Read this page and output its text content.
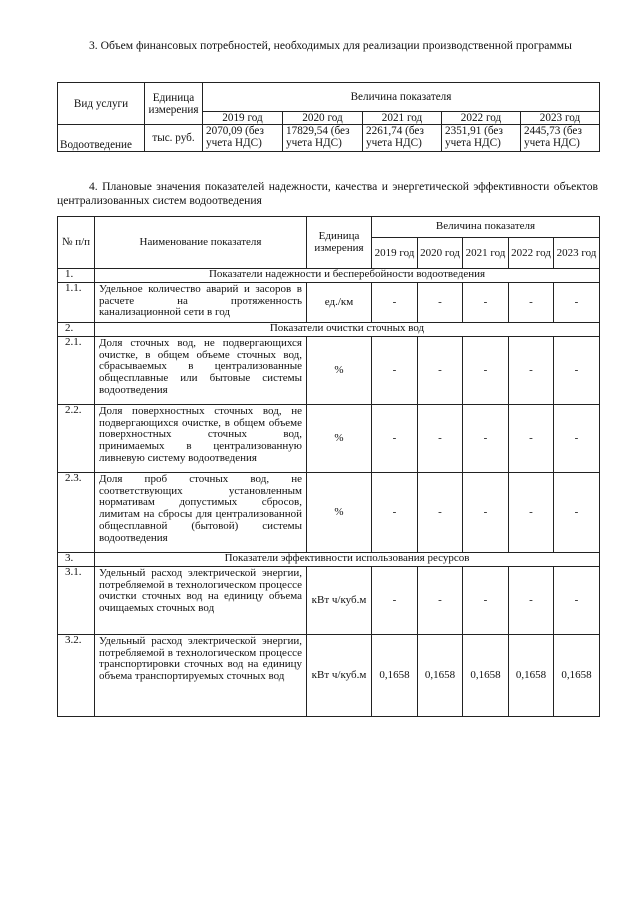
3. Объем финансовых потребностей, необходимых для реализации производственной программы
Вид услуги	Единица измерения	Величина показателя				
		2019 год	2020 год	2021 год	2022 год	2023 год
Водоотведение	тыс. руб.	2070,09 (без учета НДС)	17829,54 (без учета НДС)	2261,74 (без учета НДС)	2351,91 (без учета НДС)	2445,73 (без учета НДС)
4. Плановые значения показателей надежности, качества и энергетической эффективности объектов централизованных систем водоотведения
№ п/п	Наименование показателя	Единица измерения	Величина показателя				
			2019 год	2020 год	2021 год	2022 год	2023 год
1.	Показатели надежности и бесперебойности водоотведения						
1.1.	Удельное количество аварий и засоров в расчете на протяженность канализационной сети в год	ед./км	-	-	-	-	-
2.	Показатели очистки сточных вод						
2.1.	Доля сточных вод, не подвергающихся очистке, в общем объеме сточных вод, сбрасываемых в централизованные общесплавные или бытовые системы водоотведения	%	-	-	-	-	-
2.2.	Доля поверхностных сточных вод, не подвергающихся очистке, в общем объеме поверхностных сточных вод, принимаемых в централизованную ливневую систему водоотведения	%	-	-	-	-	-
2.3.	Доля проб сточных вод, не соответствующих установленным нормативам допустимых сбросов, лимитам на сбросы для централизованной общесплавной (бытовой) системы водоотведения	%	-	-	-	-	-
3.	Показатели эффективности использования ресурсов						
3.1.	Удельный расход электрической энергии, потребляемой в технологическом процессе очистки сточных вод на единицу объема очищаемых сточных вод	кВт ч/куб.м	-	-	-	-	-
3.2.	Удельный расход электрической энергии, потребляемой в технологическом процессе транспортировки сточных вод на единицу объема транспортируемых сточных вод	кВт ч/куб.м	0,1658	0,1658	0,1658	0,1658	0,1658
